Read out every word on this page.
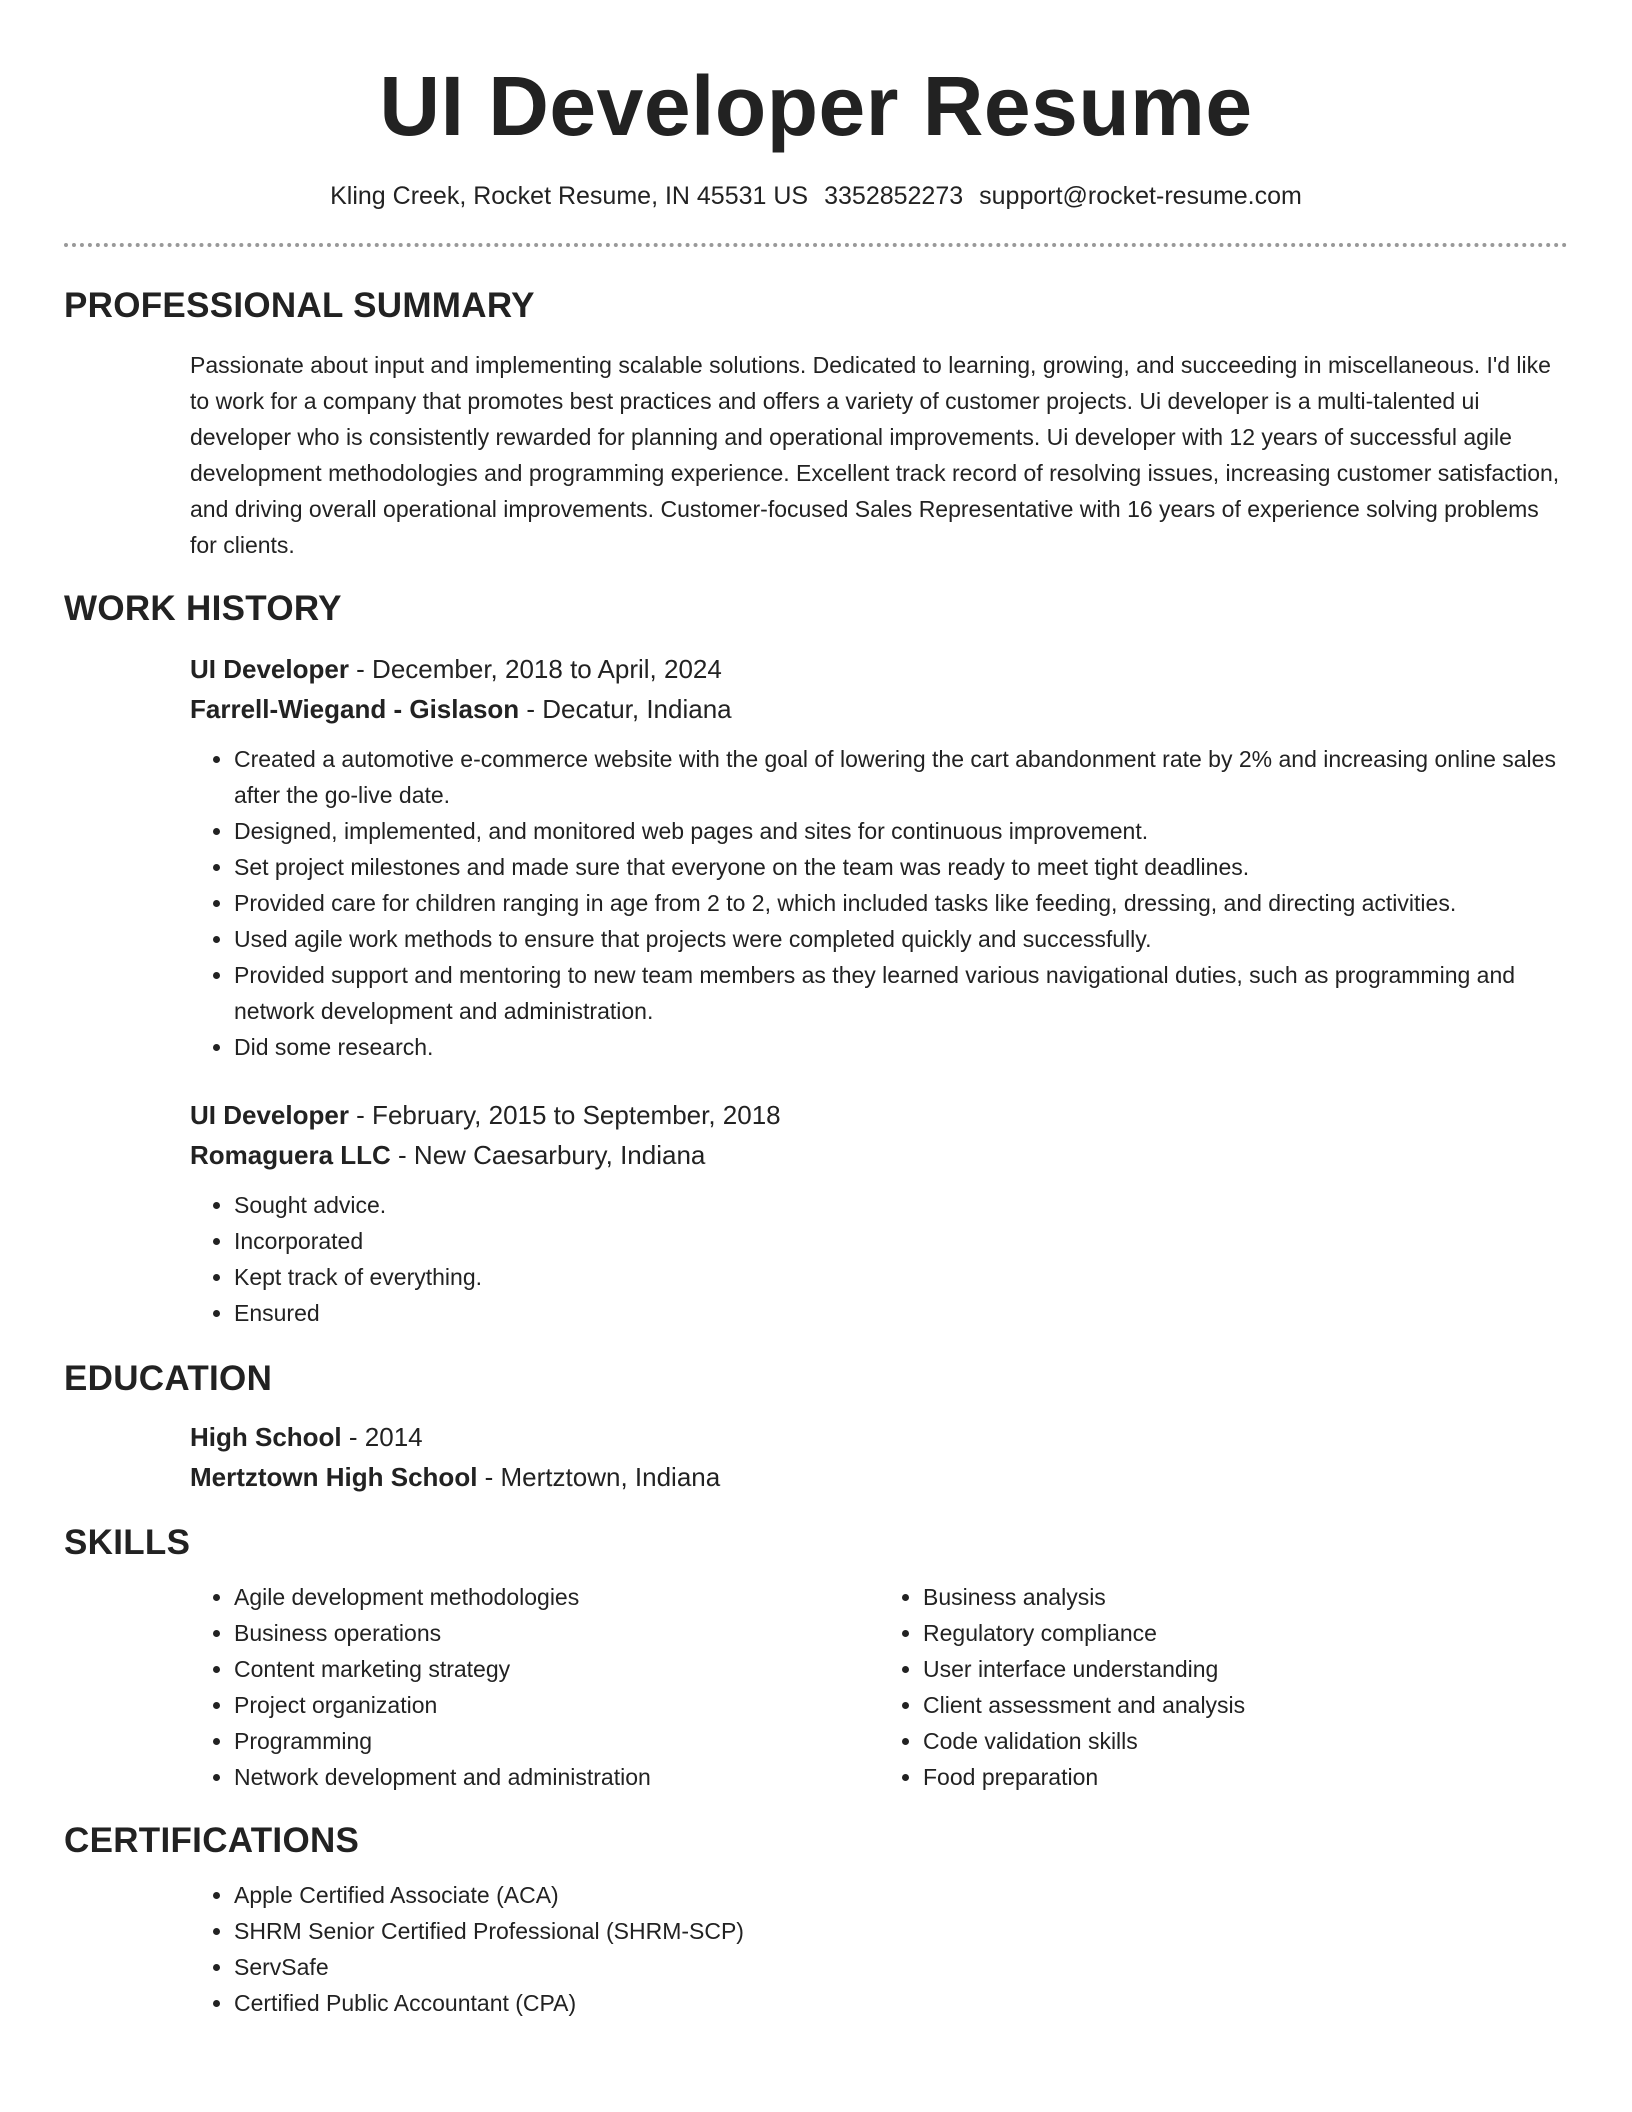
UI Developer Resume
Kling Creek, Rocket Resume, IN 45531 US 3352852273 support@rocket-resume.com
PROFESSIONAL SUMMARY

Passionate about input and implementing scalable solutions. Dedicated to learning, growing, and succeeding in miscellaneous. I'd like to work for a company that promotes best practices and offers a variety of customer projects. Ui developer is a multi-talented ui developer who is consistently rewarded for planning and operational improvements. Ui developer with 12 years of successful agile development methodologies and programming experience. Excellent track record of resolving issues, increasing customer satisfaction, and driving overall operational improvements. Customer-focused Sales Representative with 16 years of experience solving problems for clients.

WORK HISTORY
UI Developer - December, 2018 to April, 2024
Farrell-Wiegand - Gislason - Decatur, Indiana
• Created a automotive e-commerce website with the goal of lowering the cart abandonment rate by 2% and increasing online sales after the go-live date.
• Designed, implemented, and monitored web pages and sites for continuous improvement.
• Set project milestones and made sure that everyone on the team was ready to meet tight deadlines.
• Provided care for children ranging in age from 2 to 2, which included tasks like feeding, dressing, and directing activities.
• Used agile work methods to ensure that projects were completed quickly and successfully.
• Provided support and mentoring to new team members as they learned various navigational duties, such as programming and network development and administration.
• Did some research.
UI Developer - February, 2015 to September, 2018
Romaguera LLC - New Caesarbury, Indiana
• Sought advice.
• Incorporated
• Kept track of everything.
• Ensured
EDUCATION
High School - 2014
Mertztown High School - Mertztown, Indiana
SKILLS
• Agile development methodologies
• Business operations
• Content marketing strategy
• Project organization
• Programming
• Network development and administration
• Business analysis
• Regulatory compliance
• User interface understanding
• Client assessment and analysis
• Code validation skills
• Food preparation
CERTIFICATIONS
• Apple Certified Associate (ACA)
• SHRM Senior Certified Professional (SHRM-SCP)
• ServSafe
• Certified Public Accountant (CPA)
